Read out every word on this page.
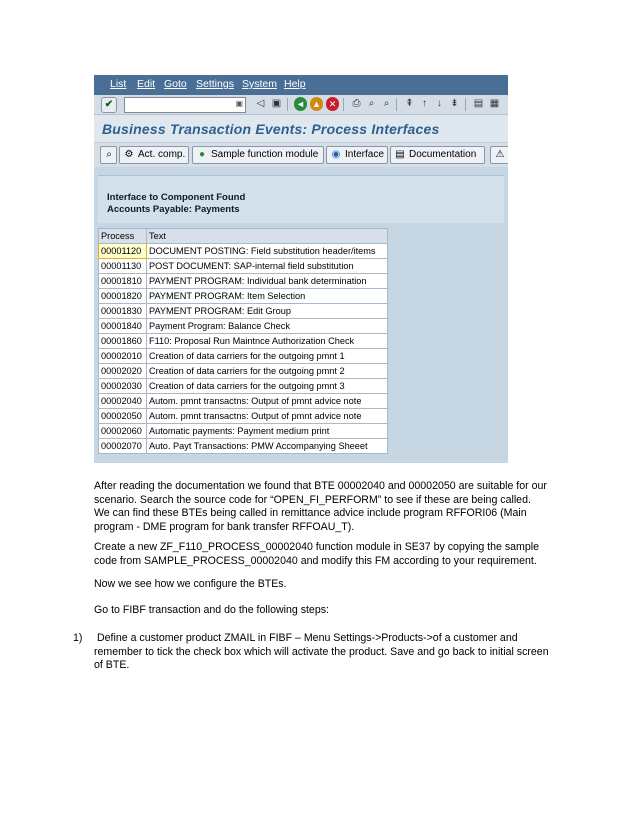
List Edit Goto Settings System Help
✔	▣ ◁ ▣ ◄ ▲ ✕ ⎙ ⌕ ⌕	⇞ ↑	↓ ⇟ ▤ ▦
Business Transaction Events: Process Interfaces
⌕	⚙ Act. comp.	● Sample function module	◉ Interface	▤ Documentation	⚠
Interface to Component Found
Accounts Payable: Payments
Process	Text
00001120	DOCUMENT POSTING: Field substitution header/items
00001130	POST DOCUMENT: SAP-internal field substitution
00001810	PAYMENT PROGRAM: Individual bank determination
00001820	PAYMENT PROGRAM: Item Selection
00001830	PAYMENT PROGRAM: Edit Group
00001840	Payment Program: Balance Check
00001860	F110: Proposal Run Maintnce Authorization Check
00002010	Creation of data carriers for the outgoing pmnt 1
00002020	Creation of data carriers for the outgoing pmnt 2
00002030	Creation of data carriers for the outgoing pmnt 3
00002040	Autom. pmnt transactns: Output of pmnt advice note
00002050	Autom. pmnt transactns: Output of pmnt advice note
00002060	Automatic payments: Payment medium print
00002070	Auto. Payt Transactions: PMW Accompanying Sheeet
After reading the documentation we found that BTE 00002040 and 00002050 are suitable for our scenario. Search the source code for “OPEN_FI_PERFORM” to see if these are being called. We can find these BTEs being called in remittance advice include program RFFORI06 (Main program - DME program for bank transfer RFFOAU_T).
Create a new ZF_F110_PROCESS_00002040 function module in SE37 by copying the sample code from SAMPLE_PROCESS_00002040 and modify this FM according to your requirement.
Now we see how we configure the BTEs.
Go to FIBF transaction and do the following steps:
1) Define a customer product ZMAIL in FIBF – Menu Settings->Products->of a customer and remember to tick the check box which will activate the product. Save and go back to initial screen of BTE.
